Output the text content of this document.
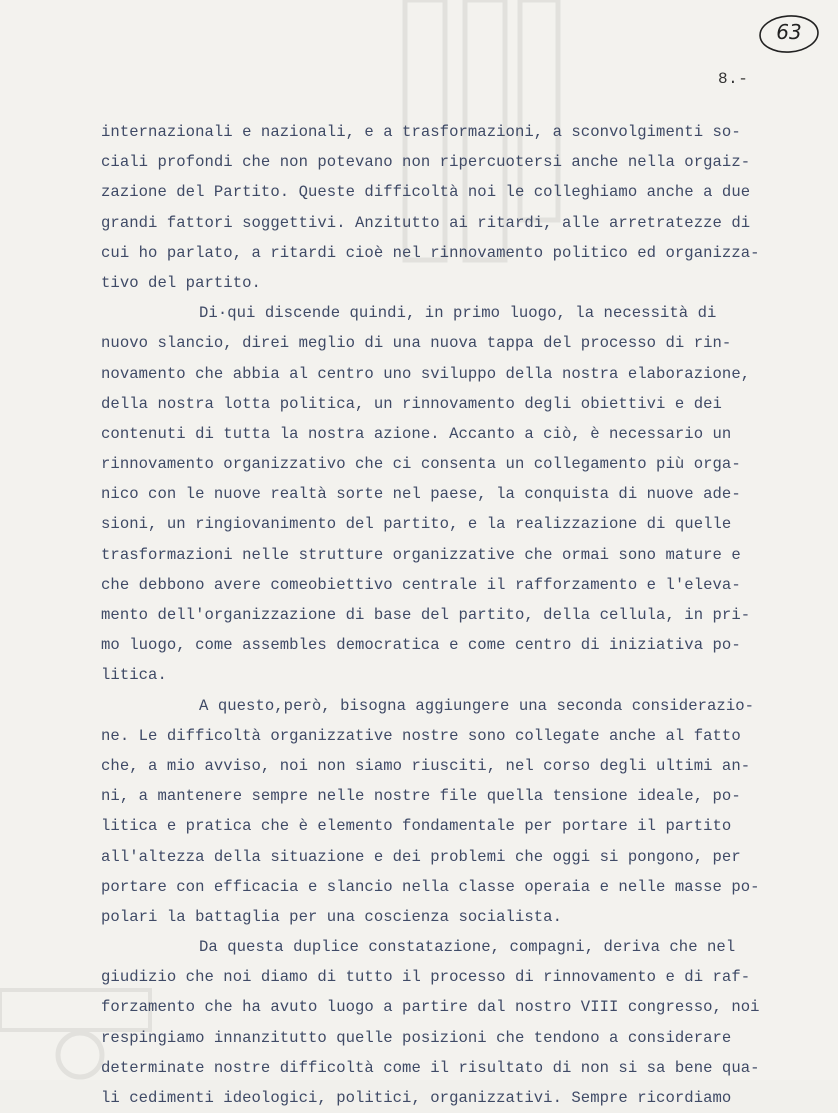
63
8.-
internazionali e nazionali, e a trasformazioni, a sconvolgimenti so-
ciali profondi che non potevano non ripercuotersi anche nella orgaiz-
zazione del Partito. Queste difficoltà noi le colleghiamo anche a due
grandi fattori soggettivi. Anzitutto ai ritardi, alle arretratezze di
cui ho parlato, a ritardi cioè nel rinnovamento politico ed organizza-
tivo del partito.
Di·qui discende quindi, in primo luogo, la necessità di
nuovo slancio, direi meglio di una nuova tappa del processo di rin-
novamento che abbia al centro uno sviluppo della nostra elaborazione,
della nostra lotta politica, un rinnovamento degli obiettivi e dei
contenuti di tutta la nostra azione. Accanto a ciò, è necessario un
rinnovamento organizzativo che ci consenta un collegamento più orga-
nico con le nuove realtà sorte nel paese, la conquista di nuove ade-
sioni, un ringiovanimento del partito, e la realizzazione di quelle
trasformazioni nelle strutture organizzative che ormai sono mature e
che debbono avere comeobiettivo centrale il rafforzamento e l'eleva-
mento dell'organizzazione di base del partito, della cellula, in pri-
mo luogo, come assembles democratica e come centro di iniziativa po-
litica.
A questo,però, bisogna aggiungere una seconda considerazio-
ne. Le difficoltà organizzative nostre sono collegate anche al fatto
che, a mio avviso, noi non siamo riusciti, nel corso degli ultimi an-
ni, a mantenere sempre nelle nostre file quella tensione ideale, po-
litica e pratica che è elemento fondamentale per portare il partito
all'altezza della situazione e dei problemi che oggi si pongono, per
portare con efficacia e slancio nella classe operaia e nelle masse po-
polari la battaglia per una coscienza socialista.
Da questa duplice constatazione, compagni, deriva che nel
giudizio che noi diamo di tutto il processo di rinnovamento e di raf-
forzamento che ha avuto luogo a partire dal nostro VIII congresso, noi
respingiamo innanzitutto quelle posizioni che tendono a considerare
determinate nostre difficoltà come il risultato di non si sa bene qua-
li cedimenti ideologici, politici, organizzativi. Sempre ricordiamo
